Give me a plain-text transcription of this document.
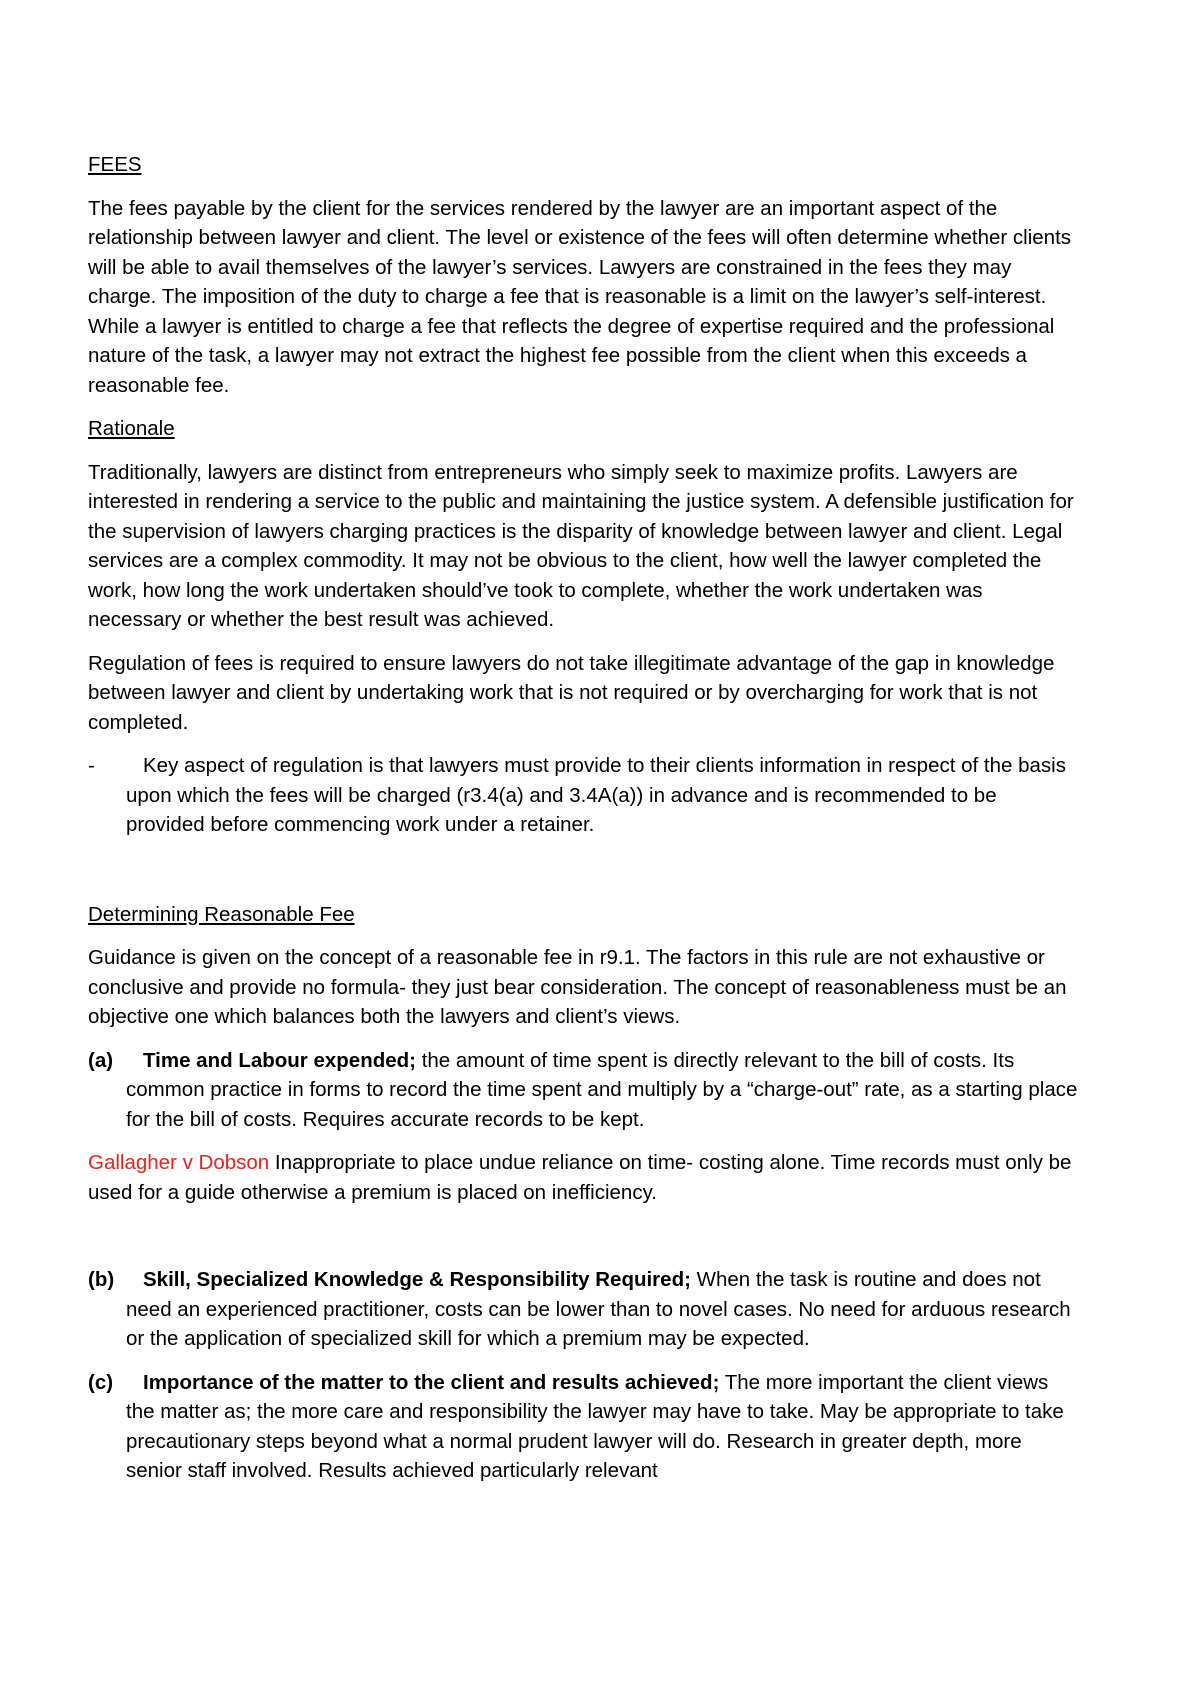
FEES

The fees payable by the client for the services rendered by the lawyer are an important aspect of the relationship between lawyer and client. The level or existence of the fees will often determine whether clients will be able to avail themselves of the lawyer’s services. Lawyers are constrained in the fees they may charge. The imposition of the duty to charge a fee that is reasonable is a limit on the lawyer’s self-interest. While a lawyer is entitled to charge a fee that reflects the degree of expertise required and the professional nature of the task, a lawyer may not extract the highest fee possible from the client when this exceeds a reasonable fee.

Rationale

Traditionally, lawyers are distinct from entrepreneurs who simply seek to maximize profits. Lawyers are interested in rendering a service to the public and maintaining the justice system. A defensible justification for the supervision of lawyers charging practices is the disparity of knowledge between lawyer and client. Legal services are a complex commodity. It may not be obvious to the client, how well the lawyer completed the work, how long the work undertaken should’ve took to complete, whether the work undertaken was necessary or whether the best result was achieved.

Regulation of fees is required to ensure lawyers do not take illegitimate advantage of the gap in knowledge between lawyer and client by undertaking work that is not required or by overcharging for work that is not completed.

-	Key aspect of regulation is that lawyers must provide to their clients information in respect of the basis upon which the fees will be charged (r3.4(a) and 3.4A(a)) in advance and is recommended to be provided before commencing work under a retainer.

Determining Reasonable Fee

Guidance is given on the concept of a reasonable fee in r9.1. The factors in this rule are not exhaustive or conclusive and provide no formula- they just bear consideration. The concept of reasonableness must be an objective one which balances both the lawyers and client’s views.

(a) Time and Labour expended; the amount of time spent is directly relevant to the bill of costs. Its common practice in forms to record the time spent and multiply by a “charge-out” rate, as a starting place for the bill of costs. Requires accurate records to be kept.

Gallagher v Dobson Inappropriate to place undue reliance on time- costing alone. Time records must only be used for a guide otherwise a premium is placed on inefficiency.

(b) Skill, Specialized Knowledge & Responsibility Required; When the task is routine and does not need an experienced practitioner, costs can be lower than to novel cases. No need for arduous research or the application of specialized skill for which a premium may be expected.
(c) Importance of the matter to the client and results achieved; The more important the client views the matter as; the more care and responsibility the lawyer may have to take. May be appropriate to take precautionary steps beyond what a normal prudent lawyer will do. Research in greater depth, more senior staff involved. Results achieved particularly relevant
